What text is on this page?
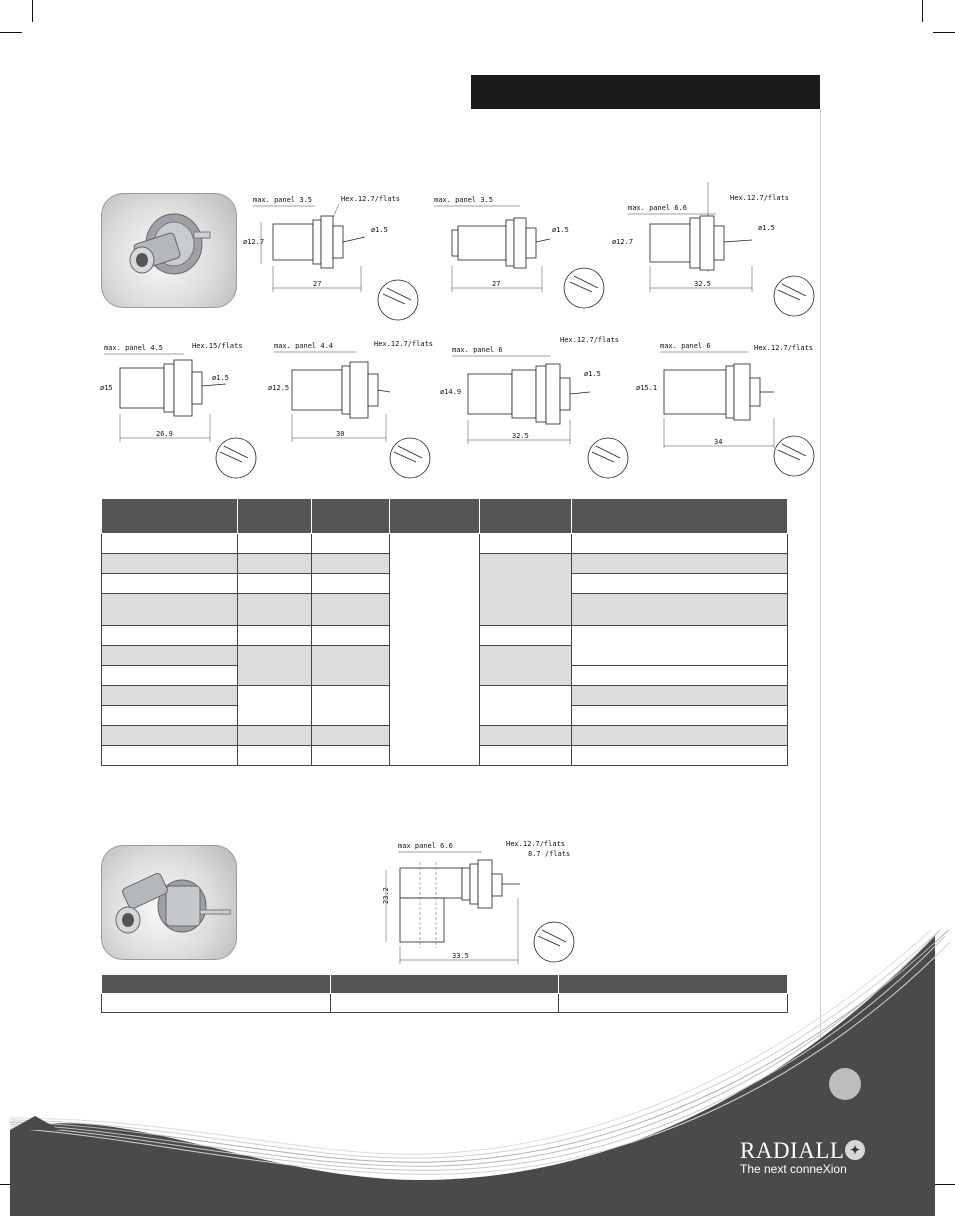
max. panel 3.5	Hex.12.7/flats
ø12.7
ø1.5
27
max. panel 3.5
ø1.5
27
max. panel 6.6
Hex.12.7/flats
ø12.7
ø1.5
32.5
max. panel 4.5	Hex.15/flats
ø15
ø1.5
26.9
max. panel 4.4	Hex.12.7/flats
ø12.5
30
max. panel 6
Hex.12.7/flats
ø14.9
ø1.5
32.5
max. panel 6	Hex.12.7/flats
ø15.1
34

max panel 6.6	Hex.12.7/flats
8.7 /flats
23.2
33.5

RADIALL
The next conneXion
✦
